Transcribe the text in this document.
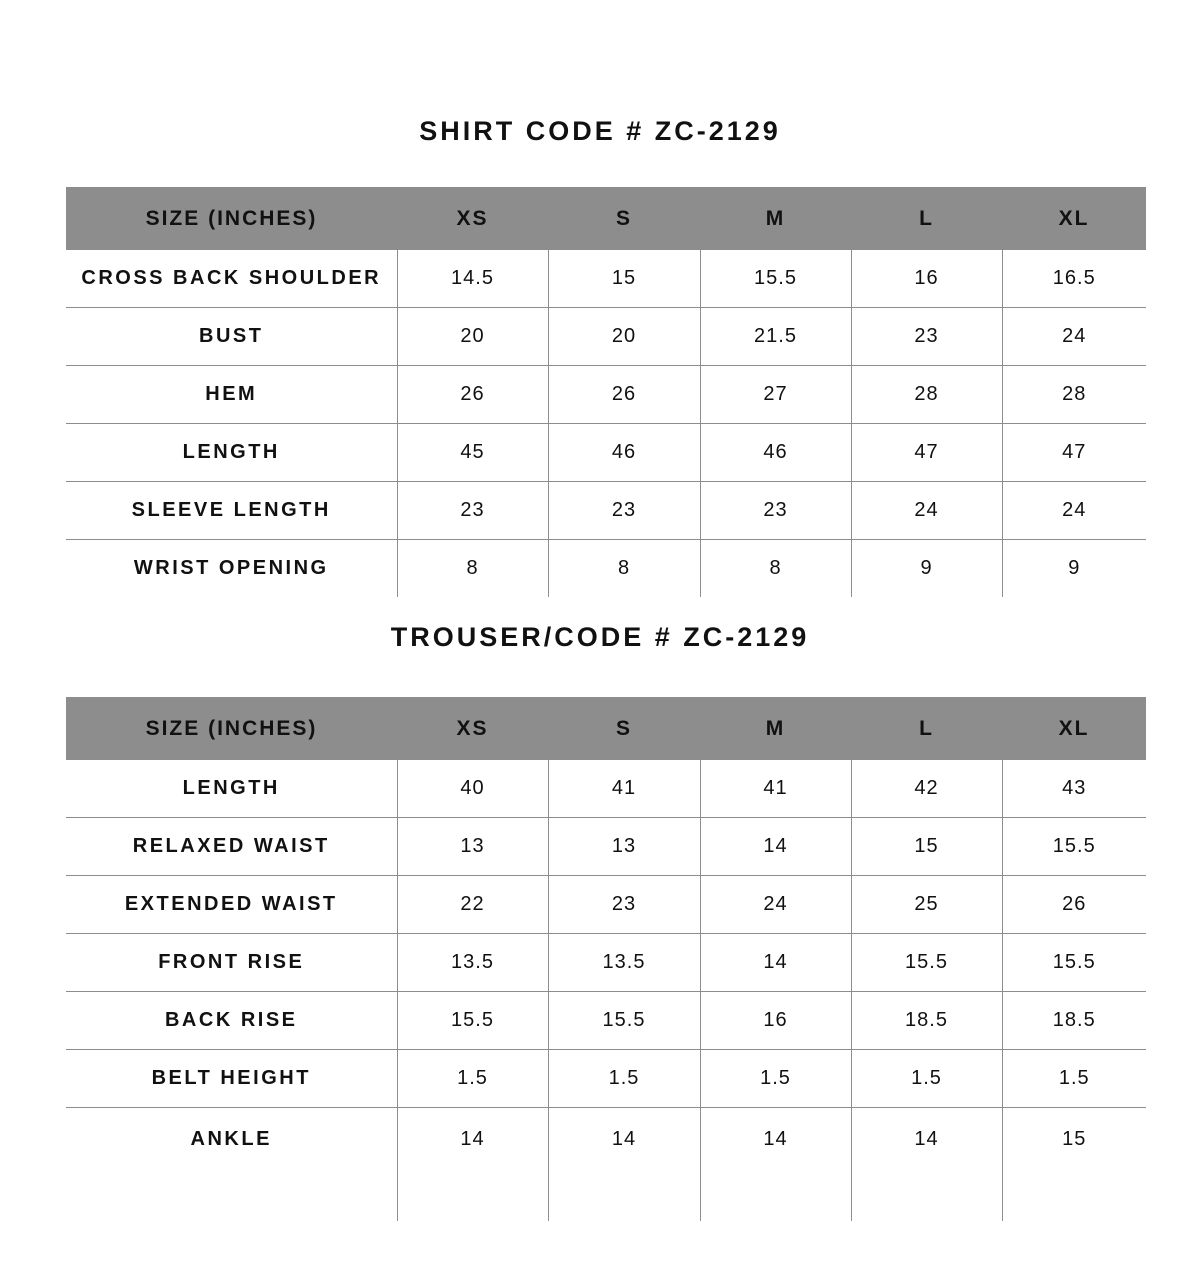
SHIRT CODE # ZC-2129
SIZE (INCHES)	XS	S	M	L	XL
CROSS BACK SHOULDER	14.5	15	15.5	16	16.5
BUST	20	20	21.5	23	24
HEM	26	26	27	28	28
LENGTH	45	46	46	47	47
SLEEVE LENGTH	23	23	23	24	24
WRIST OPENING	8	8	8	9	9
TROUSER/CODE # ZC-2129
SIZE (INCHES)	XS	S	M	L	XL
LENGTH	40	41	41	42	43
RELAXED WAIST	13	13	14	15	15.5
EXTENDED WAIST	22	23	24	25	26
FRONT RISE	13.5	13.5	14	15.5	15.5
BACK RISE	15.5	15.5	16	18.5	18.5
BELT HEIGHT	1.5	1.5	1.5	1.5	1.5
ANKLE	14	14	14	14	15
